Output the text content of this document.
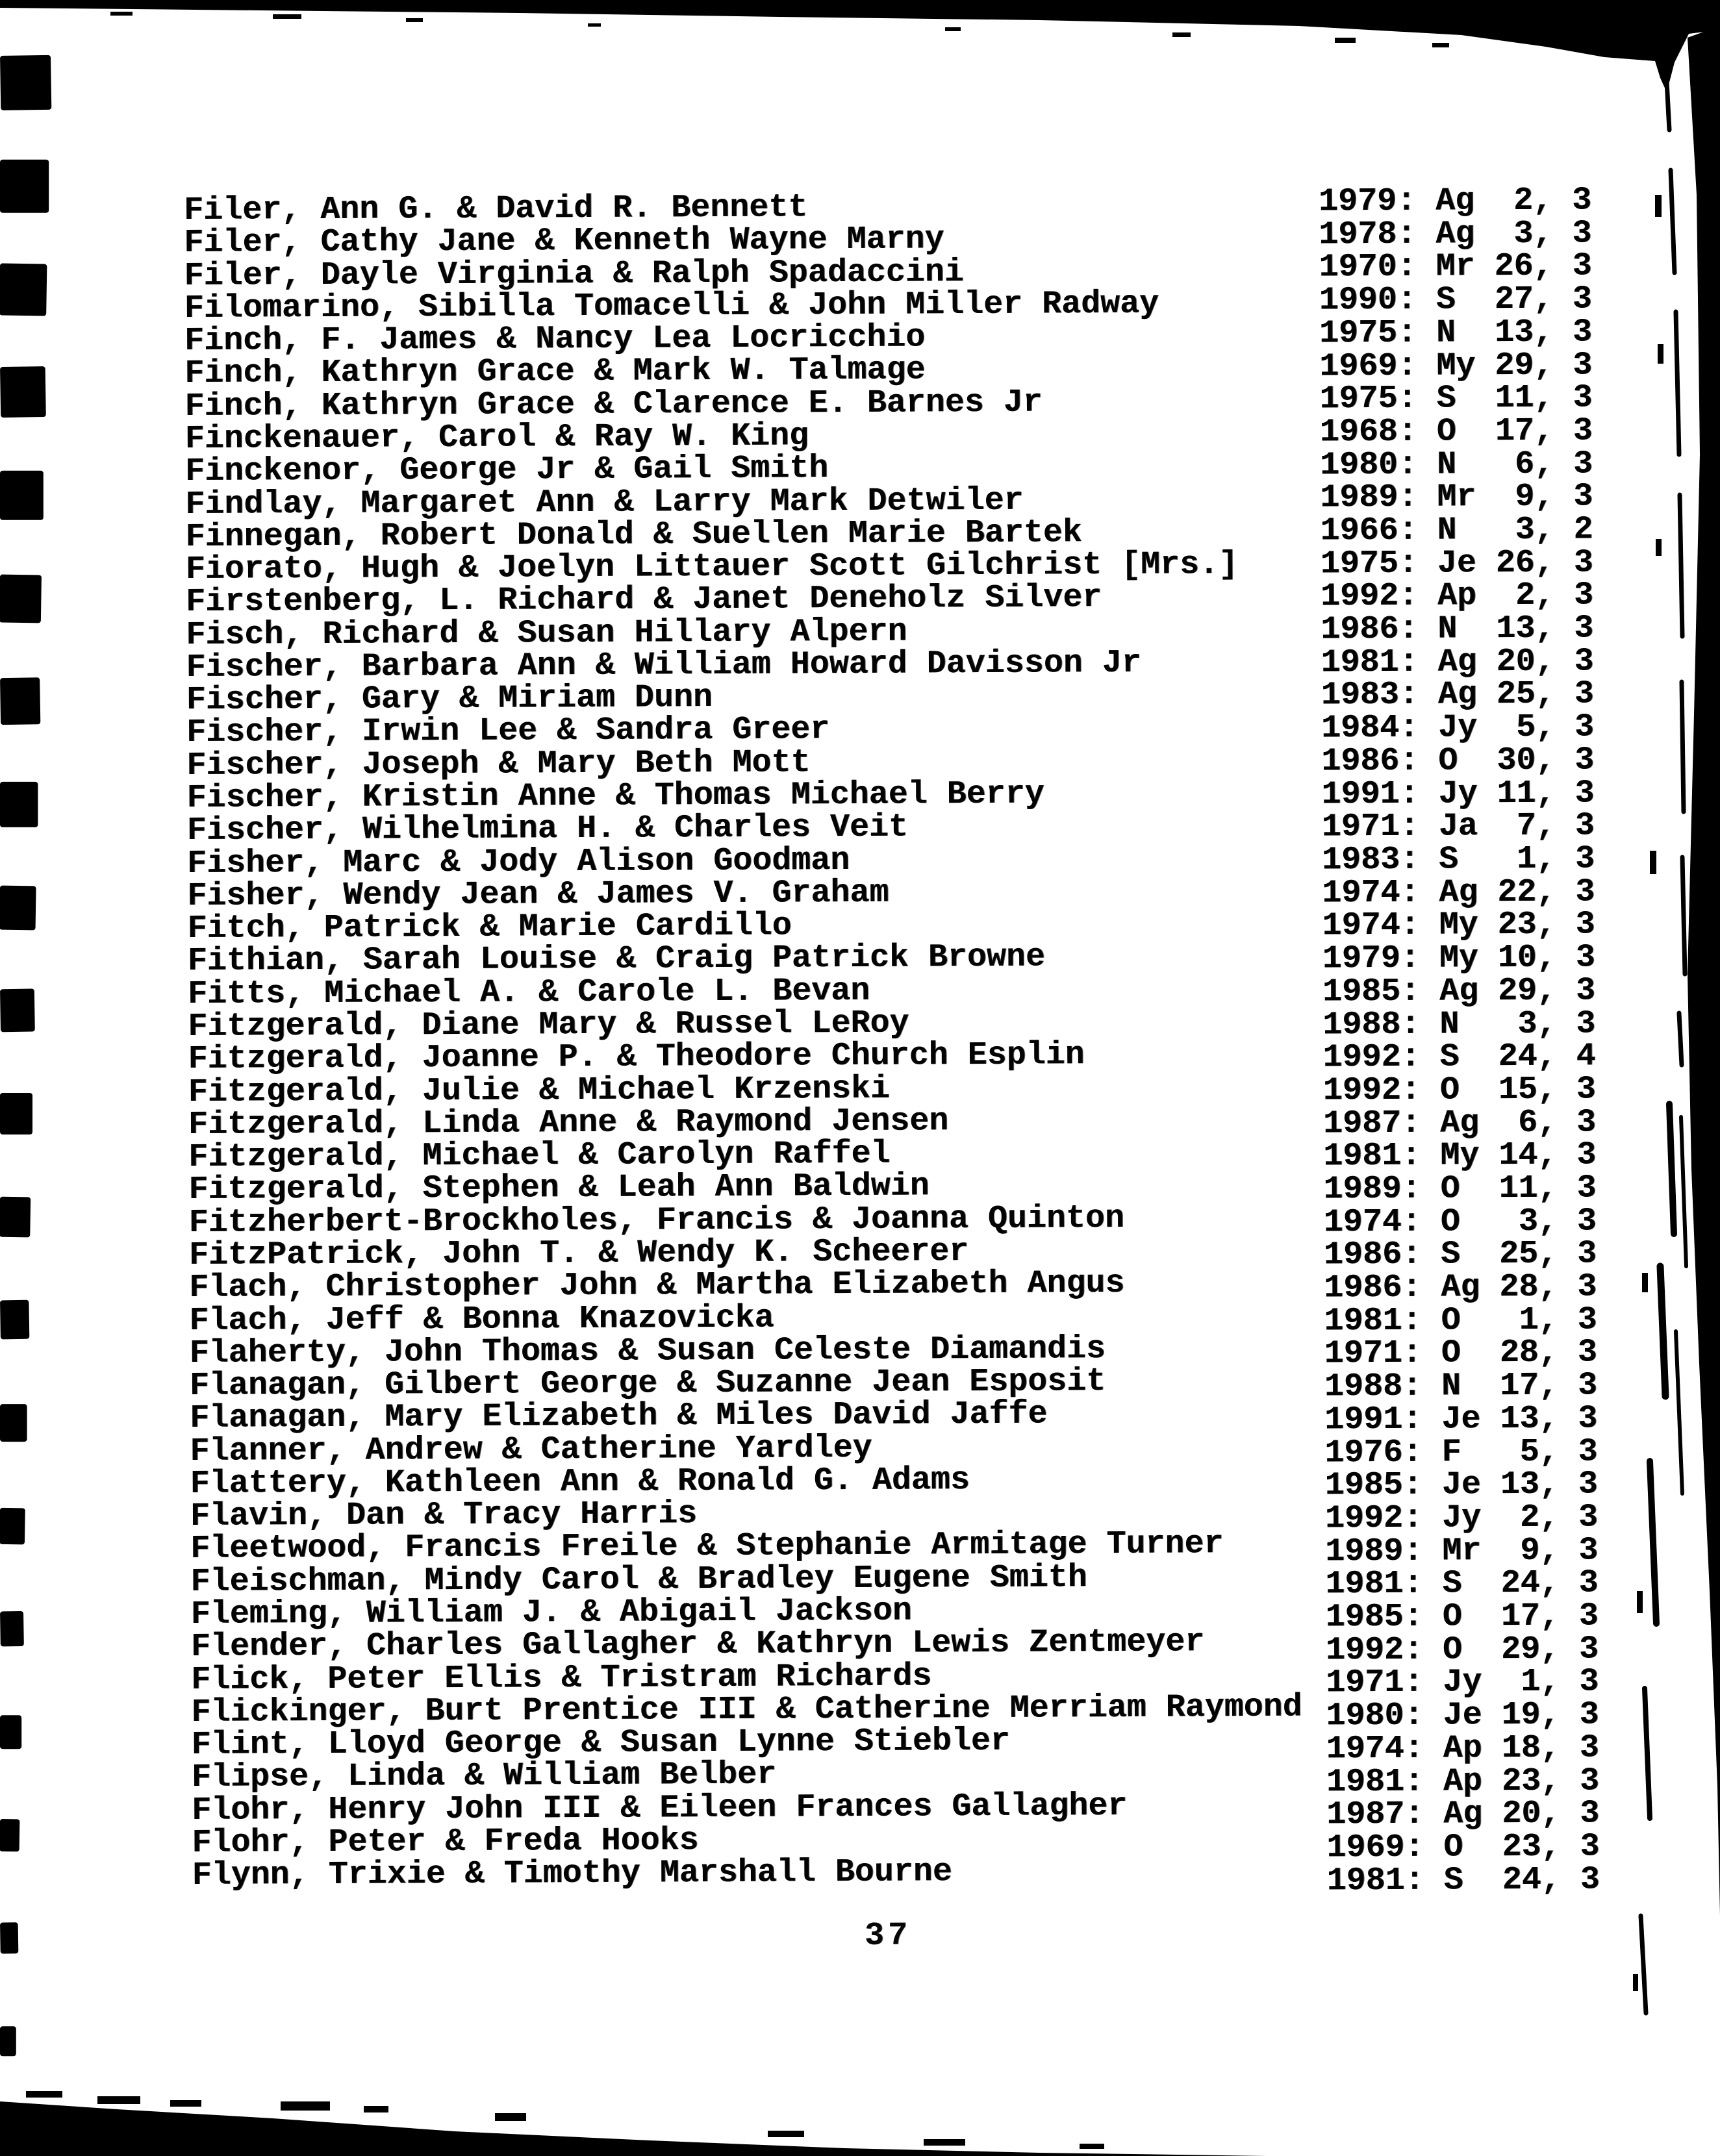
Filer, Ann G. & David R. Bennett	1979: Ag  2, 3
Filer, Cathy Jane & Kenneth Wayne Marny	1978: Ag  3, 3
Filer, Dayle Virginia & Ralph Spadaccini	1970: Mr 26, 3
Filomarino, Sibilla Tomacelli & John Miller Radway	1990: S  27, 3
Finch, F. James & Nancy Lea Locricchio	1975: N  13, 3
Finch, Kathryn Grace & Mark W. Talmage	1969: My 29, 3
Finch, Kathryn Grace & Clarence E. Barnes Jr	1975: S  11, 3
Finckenauer, Carol & Ray W. King	1968: O  17, 3
Finckenor, George Jr & Gail Smith	1980: N   6, 3
Findlay, Margaret Ann & Larry Mark Detwiler	1989: Mr  9, 3
Finnegan, Robert Donald & Suellen Marie Bartek	1966: N   3, 2
Fiorato, Hugh & Joelyn Littauer Scott Gilchrist [Mrs.]	1975: Je 26, 3
Firstenberg, L. Richard & Janet Deneholz Silver	1992: Ap  2, 3
Fisch, Richard & Susan Hillary Alpern	1986: N  13, 3
Fischer, Barbara Ann & William Howard Davisson Jr	1981: Ag 20, 3
Fischer, Gary & Miriam Dunn	1983: Ag 25, 3
Fischer, Irwin Lee & Sandra Greer	1984: Jy  5, 3
Fischer, Joseph & Mary Beth Mott	1986: O  30, 3
Fischer, Kristin Anne & Thomas Michael Berry	1991: Jy 11, 3
Fischer, Wilhelmina H. & Charles Veit	1971: Ja  7, 3
Fisher, Marc & Jody Alison Goodman	1983: S   1, 3
Fisher, Wendy Jean & James V. Graham	1974: Ag 22, 3
Fitch, Patrick & Marie Cardillo	1974: My 23, 3
Fithian, Sarah Louise & Craig Patrick Browne	1979: My 10, 3
Fitts, Michael A. & Carole L. Bevan	1985: Ag 29, 3
Fitzgerald, Diane Mary & Russel LeRoy	1988: N   3, 3
Fitzgerald, Joanne P. & Theodore Church Esplin	1992: S  24, 4
Fitzgerald, Julie & Michael Krzenski	1992: O  15, 3
Fitzgerald, Linda Anne & Raymond Jensen	1987: Ag  6, 3
Fitzgerald, Michael & Carolyn Raffel	1981: My 14, 3
Fitzgerald, Stephen & Leah Ann Baldwin	1989: O  11, 3
Fitzherbert-Brockholes, Francis & Joanna Quinton	1974: O   3, 3
FitzPatrick, John T. & Wendy K. Scheerer	1986: S  25, 3
Flach, Christopher John & Martha Elizabeth Angus	1986: Ag 28, 3
Flach, Jeff & Bonna Knazovicka	1981: O   1, 3
Flaherty, John Thomas & Susan Celeste Diamandis	1971: O  28, 3
Flanagan, Gilbert George & Suzanne Jean Esposit	1988: N  17, 3
Flanagan, Mary Elizabeth & Miles David Jaffe	1991: Je 13, 3
Flanner, Andrew & Catherine Yardley	1976: F   5, 3
Flattery, Kathleen Ann & Ronald G. Adams	1985: Je 13, 3
Flavin, Dan & Tracy Harris	1992: Jy  2, 3
Fleetwood, Francis Freile & Stephanie Armitage Turner	1989: Mr  9, 3
Fleischman, Mindy Carol & Bradley Eugene Smith	1981: S  24, 3
Fleming, William J. & Abigail Jackson	1985: O  17, 3
Flender, Charles Gallagher & Kathryn Lewis Zentmeyer	1992: O  29, 3
Flick, Peter Ellis & Tristram Richards	1971: Jy  1, 3
Flickinger, Burt Prentice III & Catherine Merriam Raymond 1980: Je 19, 3
Flint, Lloyd George & Susan Lynne Stiebler	1974: Ap 18, 3
Flipse, Linda & William Belber	1981: Ap 23, 3
Flohr, Henry John III & Eileen Frances Gallagher	1987: Ag 20, 3
Flohr, Peter & Freda Hooks	1969: O  23, 3
Flynn, Trixie & Timothy Marshall Bourne	1981: S  24, 3
37
